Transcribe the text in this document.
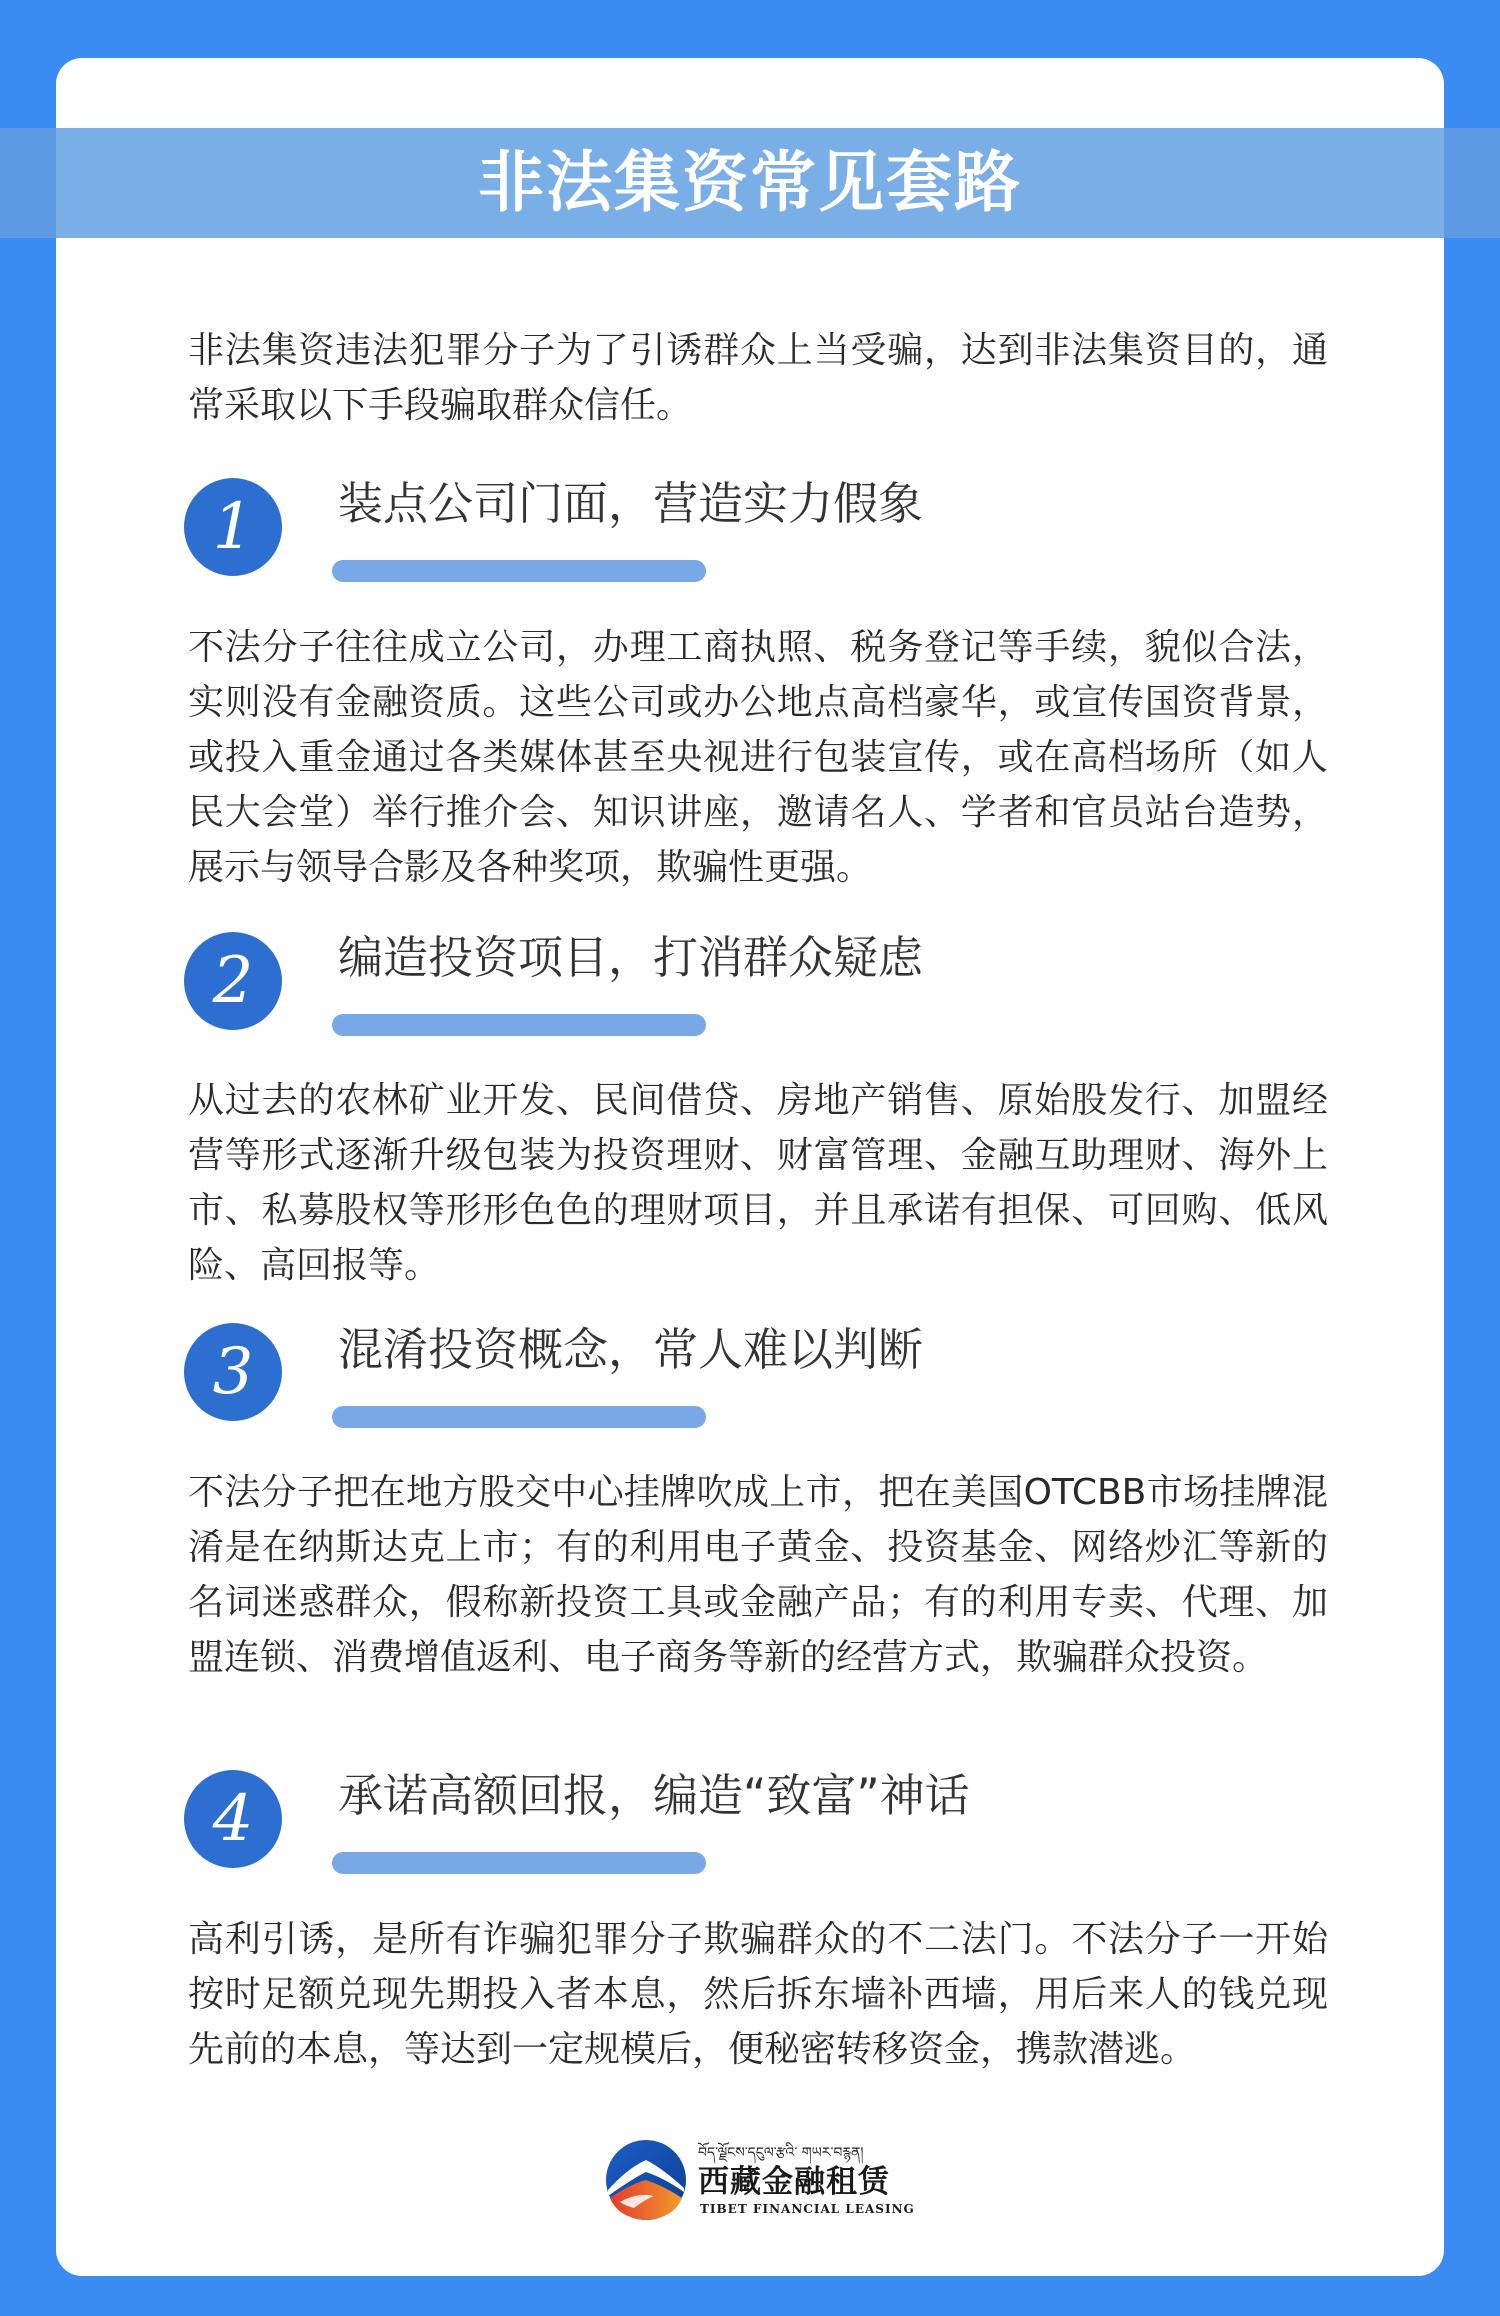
非法集资常见套路

非法集资违法犯罪分子为了引诱群众上当受骗，达到非法集资目的，通常采取以下手段骗取群众信任。

1	装点公司门面，营造实力假象

不法分子往往成立公司，办理工商执照、税务登记等手续，貌似合法，实则没有金融资质。这些公司或办公地点高档豪华，或宣传国资背景，或投入重金通过各类媒体甚至央视进行包装宣传，或在高档场所（如人民大会堂）举行推介会、知识讲座，邀请名人、学者和官员站台造势，展示与领导合影及各种奖项，欺骗性更强。

2	编造投资项目，打消群众疑虑

从过去的农林矿业开发、民间借贷、房地产销售、原始股发行、加盟经营等形式逐渐升级包装为投资理财、财富管理、金融互助理财、海外上市、私募股权等形形色色的理财项目，并且承诺有担保、可回购、低风险、高回报等。

3	混淆投资概念，常人难以判断

不法分子把在地方股交中心挂牌吹成上市，把在美国OTCBB市场挂牌混淆是在纳斯达克上市；有的利用电子黄金、投资基金、网络炒汇等新的名词迷惑群众，假称新投资工具或金融产品；有的利用专卖、代理、加盟连锁、消费增值返利、电子商务等新的经营方式，欺骗群众投资。

4	承诺高额回报，编造“致富”神话

高利引诱，是所有诈骗犯罪分子欺骗群众的不二法门。不法分子一开始按时足额兑现先期投入者本息，然后拆东墙补西墙，用后来人的钱兑现先前的本息，等达到一定规模后，便秘密转移资金，携款潜逃。

བོད་ལྗོངས་དངུལ་རྩའི་ གཡར་བརྙན།
西藏金融租赁
TIBET FINANCIAL LEASING
